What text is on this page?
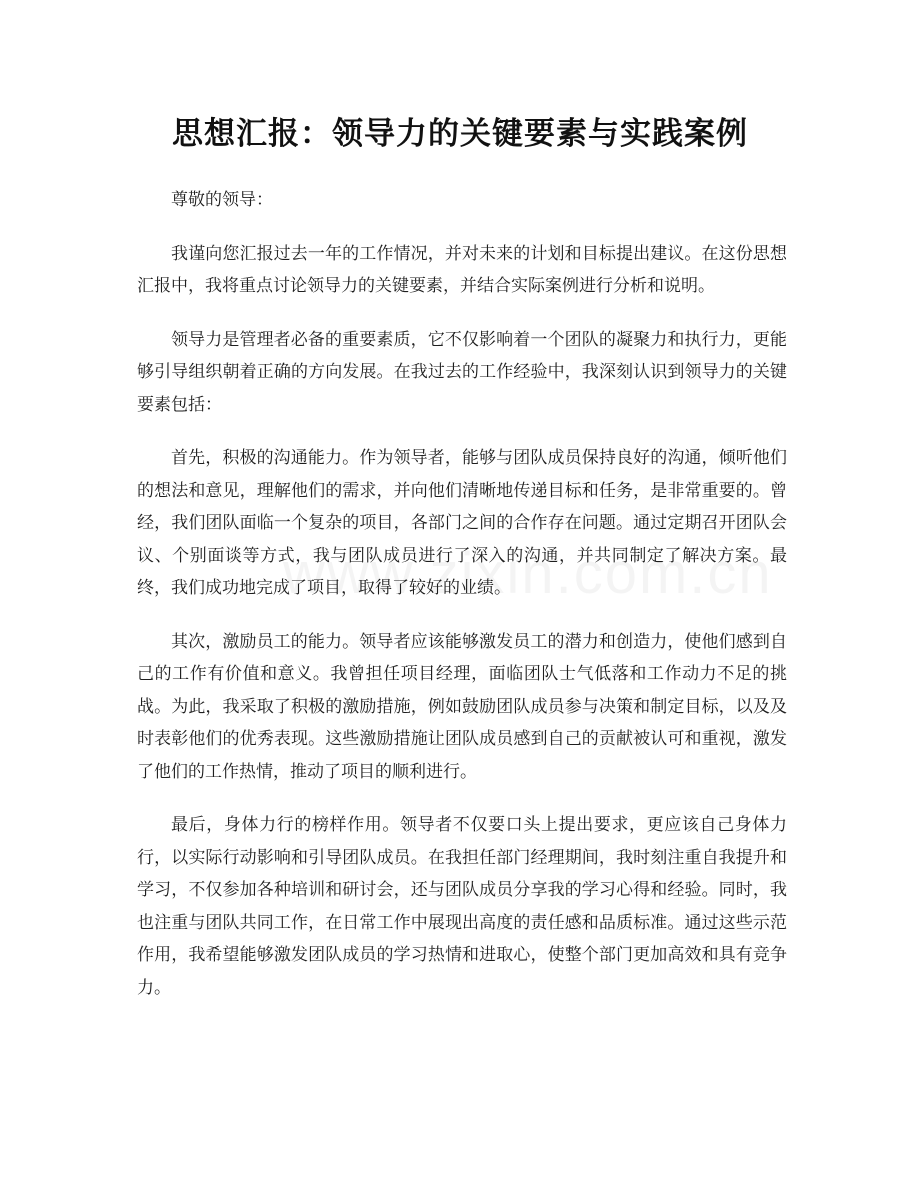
思想汇报：领导力的关键要素与实践案例

尊敬的领导：

我谨向您汇报过去一年的工作情况，并对未来的计划和目标提出建议。在这份思想汇报中，我将重点讨论领导力的关键要素，并结合实际案例进行分析和说明。

领导力是管理者必备的重要素质，它不仅影响着一个团队的凝聚力和执行力，更能够引导组织朝着正确的方向发展。在我过去的工作经验中，我深刻认识到领导力的关键要素包括：

首先，积极的沟通能力。作为领导者，能够与团队成员保持良好的沟通，倾听他们的想法和意见，理解他们的需求，并向他们清晰地传递目标和任务，是非常重要的。曾经，我们团队面临一个复杂的项目，各部门之间的合作存在问题。通过定期召开团队会议、个别面谈等方式，我与团队成员进行了深入的沟通，并共同制定了解决方案。最终，我们成功地完成了项目，取得了较好的业绩。

其次，激励员工的能力。领导者应该能够激发员工的潜力和创造力，使他们感到自己的工作有价值和意义。我曾担任项目经理，面临团队士气低落和工作动力不足的挑战。为此，我采取了积极的激励措施，例如鼓励团队成员参与决策和制定目标，以及及时表彰他们的优秀表现。这些激励措施让团队成员感到自己的贡献被认可和重视，激发了他们的工作热情，推动了项目的顺利进行。

最后，身体力行的榜样作用。领导者不仅要口头上提出要求，更应该自己身体力行，以实际行动影响和引导团队成员。在我担任部门经理期间，我时刻注重自我提升和学习，不仅参加各种培训和研讨会，还与团队成员分享我的学习心得和经验。同时，我也注重与团队共同工作，在日常工作中展现出高度的责任感和品质标准。通过这些示范作用，我希望能够激发团队成员的学习热情和进取心，使整个部门更加高效和具有竞争力。
